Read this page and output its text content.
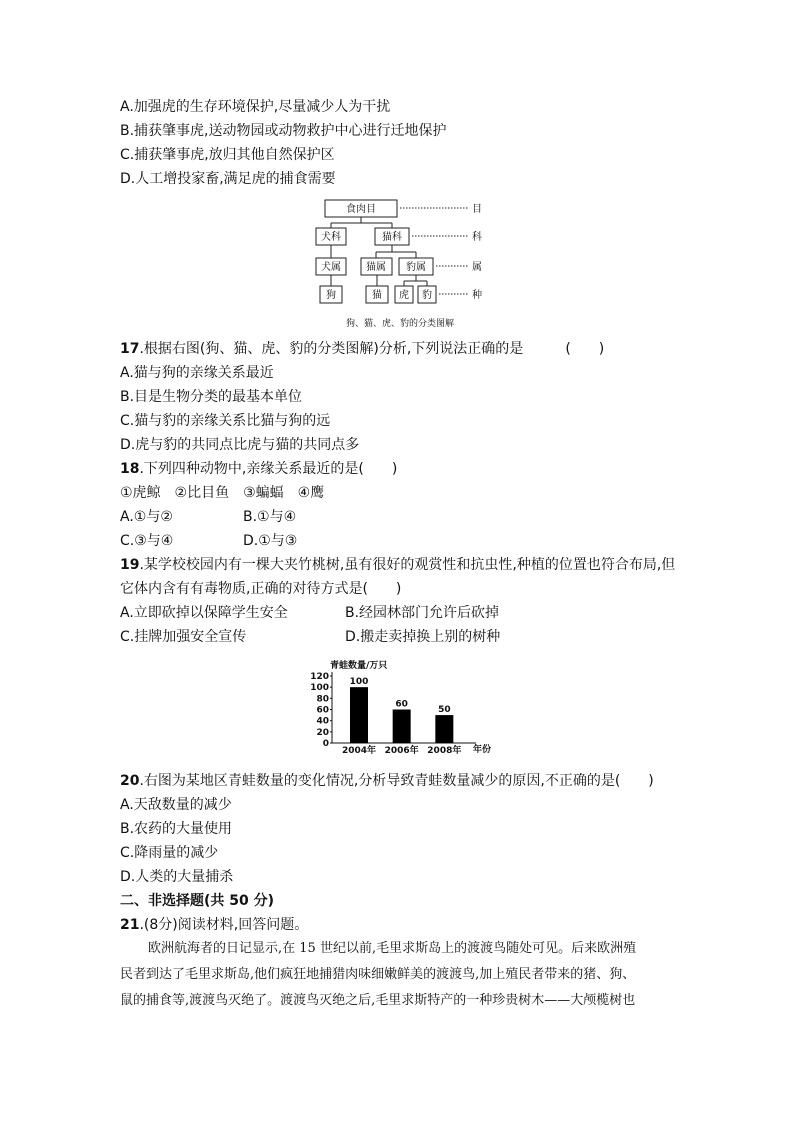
A.加强虎的生存环境保护,尽量减少人为干扰
B.捕获肇事虎,送动物园或动物救护中心进行迁地保护
C.捕获肇事虎,放归其他自然保护区
D.人工增投家畜,满足虎的捕食需要
食肉目
犬科	猫科
犬属	猫属 豹属
狗	猫 虎 豹
目
科
属
种
狗、猫、虎、豹的分类图解
17.根据右图(狗、猫、虎、豹的分类图解)分析,下列说法正确的是	(　　)
A.猫与狗的亲缘关系最近
B.目是生物分类的最基本单位
C.猫与豹的亲缘关系比猫与狗的远
D.虎与豹的共同点比虎与猫的共同点多
18.下列四种动物中,亲缘关系最近的是(　　)
①虎鲸　②比目鱼　③蝙蝠　④鹰
A.①与②	B.①与④
C.③与④	D.①与③
19.某学校校园内有一棵大夹竹桃树,虽有很好的观赏性和抗虫性,种植的位置也符合布局,但
它体内含有有毒物质,正确的对待方式是(　　)
A.立即砍掉以保障学生安全	B.经园林部门允许后砍掉
C.挂牌加强安全宣传	D.搬走卖掉换上别的树种
青蛙数量/万只
0
20
40
60
80
100
120
100
2004年
60
2006年
50
2008年 年份
20.右图为某地区青蛙数量的变化情况,分析导致青蛙数量减少的原因,不正确的是(　　)
A.天敌数量的减少
B.农药的大量使用
C.降雨量的减少
D.人类的大量捕杀
二、非选择题(共 50 分)
21.(8分)阅读材料,回答问题。
欧洲航海者的日记显示,在 15 世纪以前,毛里求斯岛上的渡渡鸟随处可见。后来欧洲殖
民者到达了毛里求斯岛,他们疯狂地捕猎肉味细嫩鲜美的渡渡鸟,加上殖民者带来的猪、狗、
鼠的捕食等,渡渡鸟灭绝了。渡渡鸟灭绝之后,毛里求斯特产的一种珍贵树木——大颅榄树也
